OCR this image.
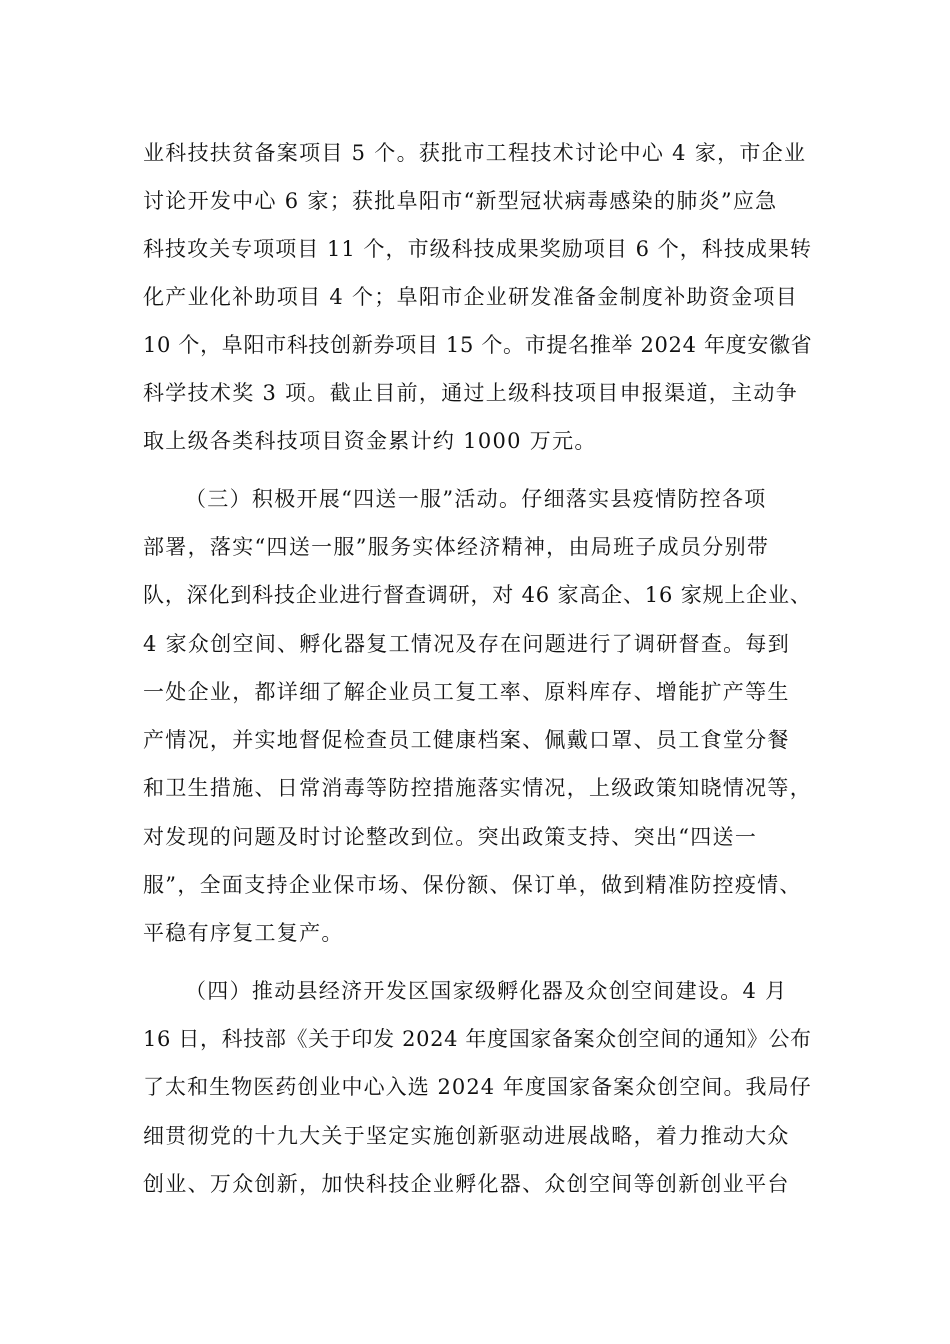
业科技扶贫备案项目 5 个。获批市工程技术讨论中心 4 家，市企业
讨论开发中心 6 家；获批阜阳市“新型冠状病毒感染的肺炎”应急
科技攻关专项项目 11 个，市级科技成果奖励项目 6 个，科技成果转
化产业化补助项目 4 个；阜阳市企业研发准备金制度补助资金项目
10 个，阜阳市科技创新券项目 15 个。市提名推举 2024 年度安徽省
科学技术奖 3 项。截止目前，通过上级科技项目申报渠道，主动争
取上级各类科技项目资金累计约 1000 万元。
（三）积极开展“四送一服”活动。仔细落实县疫情防控各项
部署，落实“四送一服”服务实体经济精神，由局班子成员分别带
队，深化到科技企业进行督查调研，对 46 家高企、16 家规上企业、
4 家众创空间、孵化器复工情况及存在问题进行了调研督查。每到
一处企业，都详细了解企业员工复工率、原料库存、增能扩产等生
产情况，并实地督促检查员工健康档案、佩戴口罩、员工食堂分餐
和卫生措施、日常消毒等防控措施落实情况，上级政策知晓情况等，
对发现的问题及时讨论整改到位。突出政策支持、突出“四送一
服”，全面支持企业保市场、保份额、保订单，做到精准防控疫情、
平稳有序复工复产。
（四）推动县经济开发区国家级孵化器及众创空间建设。4 月
16 日，科技部《关于印发 2024 年度国家备案众创空间的通知》公布
了太和生物医药创业中心入选 2024 年度国家备案众创空间。我局仔
细贯彻党的十九大关于坚定实施创新驱动进展战略，着力推动大众
创业、万众创新，加快科技企业孵化器、众创空间等创新创业平台
